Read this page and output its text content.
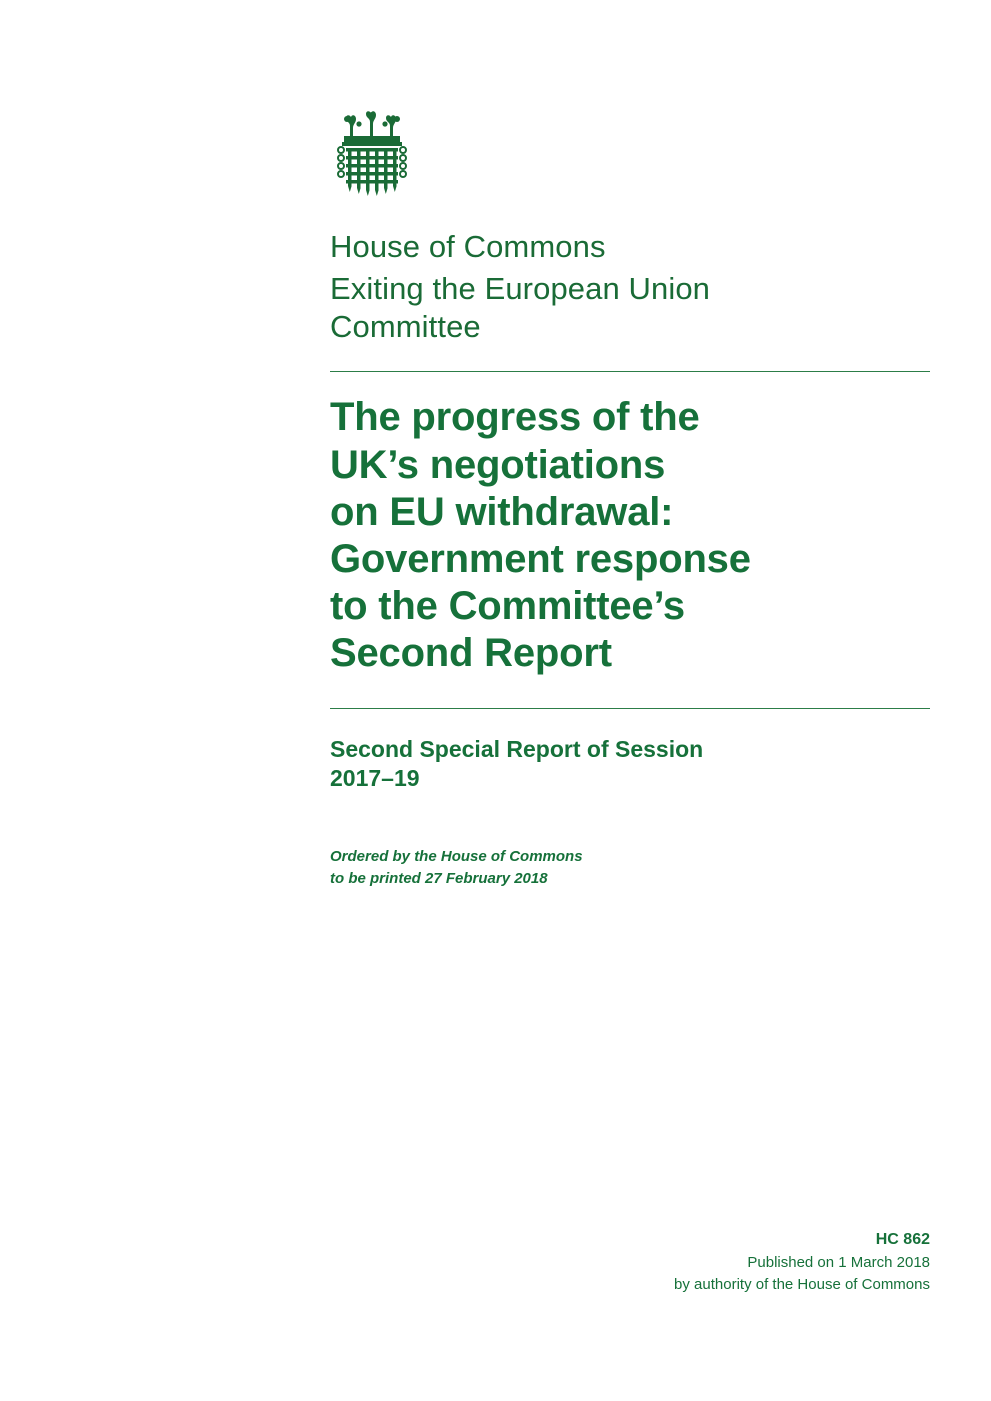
House of Commons
Exiting the European Union
Committee
The progress of the
UK’s negotiations
on EU withdrawal:
Government response
to the Committee’s
Second Report
Second Special Report of Session
2017–19
Ordered by the House of Commons
to be printed 27 February 2018
HC 862
Published on 1 March 2018
by authority of the House of Commons
